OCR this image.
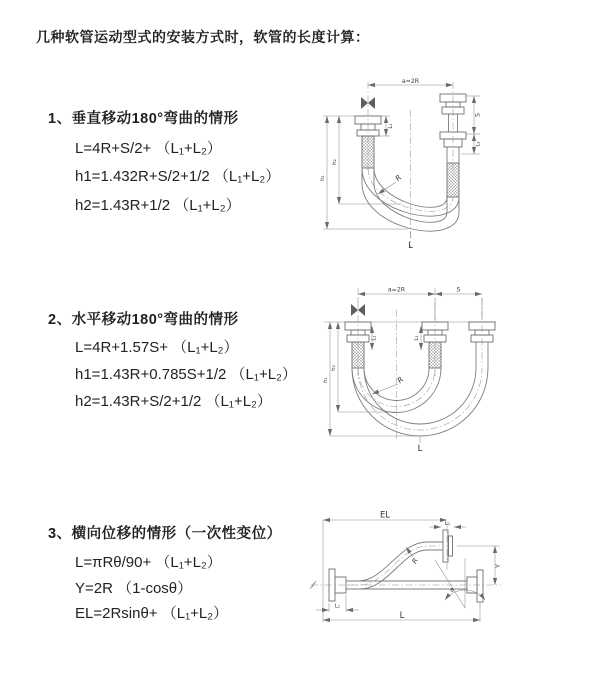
几种软管运动型式的安装方式时，软管的长度计算：
1、垂直移动180°弯曲的情形
L=4R+S/2+ （L₁+L₂）
h1=1.432R+S/2+1/2 （L₁+L₂）
h2=1.43R+1/2 （L₁+L₂）
2、水平移动180°弯曲的情形
L=4R+1.57S+ （L₁+L₂）
h1=1.43R+0.785S+1/2 （L₁+L₂）
h2=1.43R+S/2+1/2 （L₁+L₂）
3、横向位移的情形（一次性变位）
L=πRθ/90+ （L₁+L₂）
Y=2R （1-cosθ）
EL=2Rsinθ+ （L₁+L₂）
a=2R
L₁
S
L₂
h₁
h₂
R
L
a=2R	S
L₁	L₁
h₁
h₂
R
L
EL
L₁
Y
R
θ
L₁
L
